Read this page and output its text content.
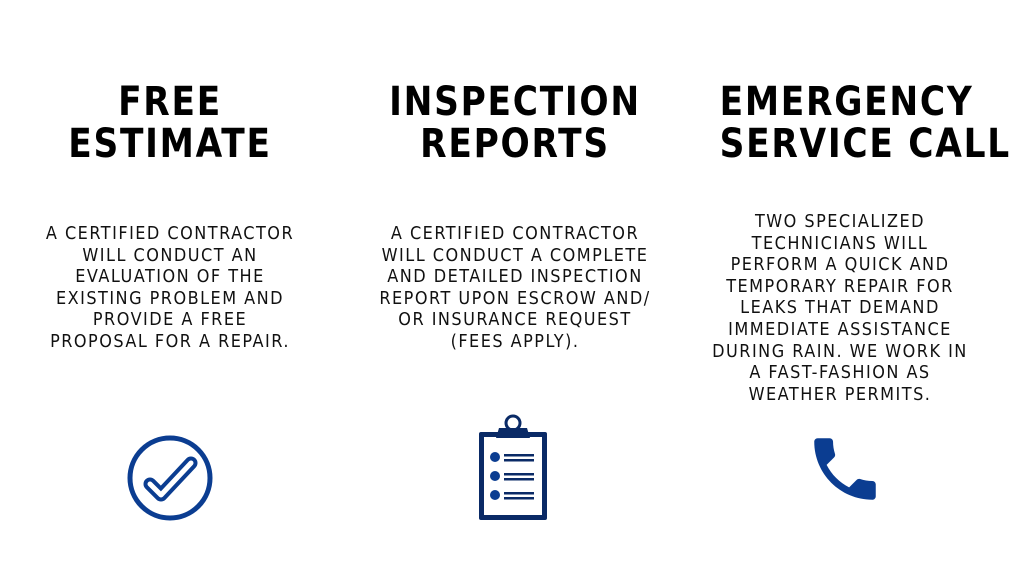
FREE
ESTIMATE

A CERTIFIED CONTRACTOR
WILL CONDUCT AN
EVALUATION OF THE
EXISTING PROBLEM AND
PROVIDE A FREE
PROPOSAL FOR A REPAIR.

INSPECTION
REPORTS

A CERTIFIED CONTRACTOR
WILL CONDUCT A COMPLETE
AND DETAILED INSPECTION
REPORT UPON ESCROW AND/
OR INSURANCE REQUEST
(FEES APPLY).

EMERGENCY
SERVICE CALL

TWO SPECIALIZED
TECHNICIANS WILL
PERFORM A QUICK AND
TEMPORARY REPAIR FOR
LEAKS THAT DEMAND
IMMEDIATE ASSISTANCE
DURING RAIN. WE WORK IN
A FAST-FASHION AS
WEATHER PERMITS.
